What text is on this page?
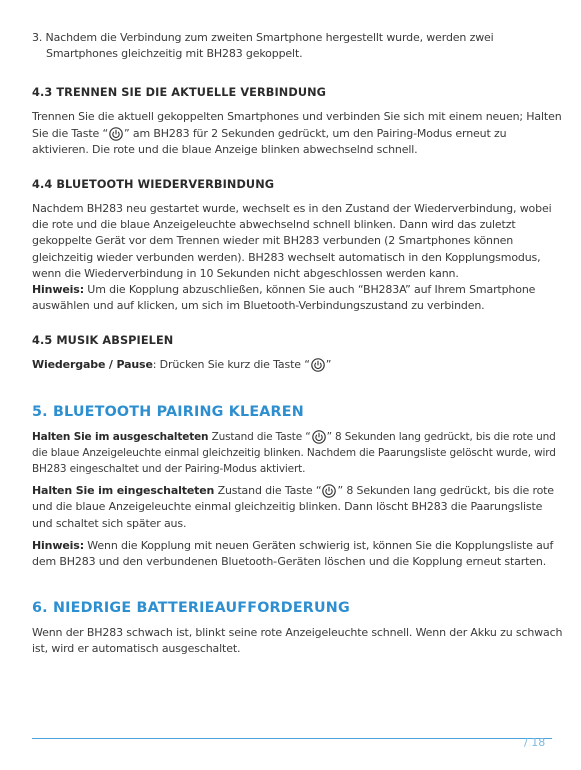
3. Nachdem die Verbindung zum zweiten Smartphone hergestellt wurde, werden zwei Smartphones gleichzeitig mit BH283 gekoppelt.

4.3 TRENNEN SIE DIE AKTUELLE VERBINDUNG

Trennen Sie die aktuell gekoppelten Smartphones und verbinden Sie sich mit einem neuen; Halten Sie die Taste “ ” am BH283 für 2 Sekunden gedrückt, um den Pairing-Modus erneut zu aktivieren. Die rote und die blaue Anzeige blinken abwechselnd schnell.

4.4 BLUETOOTH WIEDERVERBINDUNG

Nachdem BH283 neu gestartet wurde, wechselt es in den Zustand der Wiederverbindung, wobei die rote und die blaue Anzeigeleuchte abwechselnd schnell blinken. Dann wird das zuletzt gekoppelte Gerät vor dem Trennen wieder mit BH283 verbunden (2 Smartphones können gleichzeitig wieder verbunden werden). BH283 wechselt automatisch in den Kopplungsmodus, wenn die Wiederverbindung in 10 Sekunden nicht abgeschlossen werden kann.

Hinweis: Um die Kopplung abzuschließen, können Sie auch “BH283A” auf Ihrem Smartphone auswählen und auf klicken, um sich im Bluetooth-Verbindungszustand zu verbinden.

4.5 MUSIK ABSPIELEN

Wiedergabe / Pause: Drücken Sie kurz die Taste “ ”

5. BLUETOOTH PAIRING KLEAREN

Halten Sie im ausgeschalteten Zustand die Taste “ ” 8 Sekunden lang gedrückt, bis die rote und die blaue Anzeigeleuchte einmal gleichzeitig blinken. Nachdem die Paarungsliste gelöscht wurde, wird BH283 eingeschaltet und der Pairing-Modus aktiviert.

Halten Sie im eingeschalteten Zustand die Taste “ ” 8 Sekunden lang gedrückt, bis die rote und die blaue Anzeigeleuchte einmal gleichzeitig blinken. Dann löscht BH283 die Paarungsliste und schaltet sich später aus.

Hinweis: Wenn die Kopplung mit neuen Geräten schwierig ist, können Sie die Kopplungsliste auf dem BH283 und den verbundenen Bluetooth-Geräten löschen und die Kopplung erneut starten.

6. NIEDRIGE BATTERIEAUFFORDERUNG

Wenn der BH283 schwach ist, blinkt seine rote Anzeigeleuchte schnell. Wenn der Akku zu schwach ist, wird er automatisch ausgeschaltet.

/ 18
